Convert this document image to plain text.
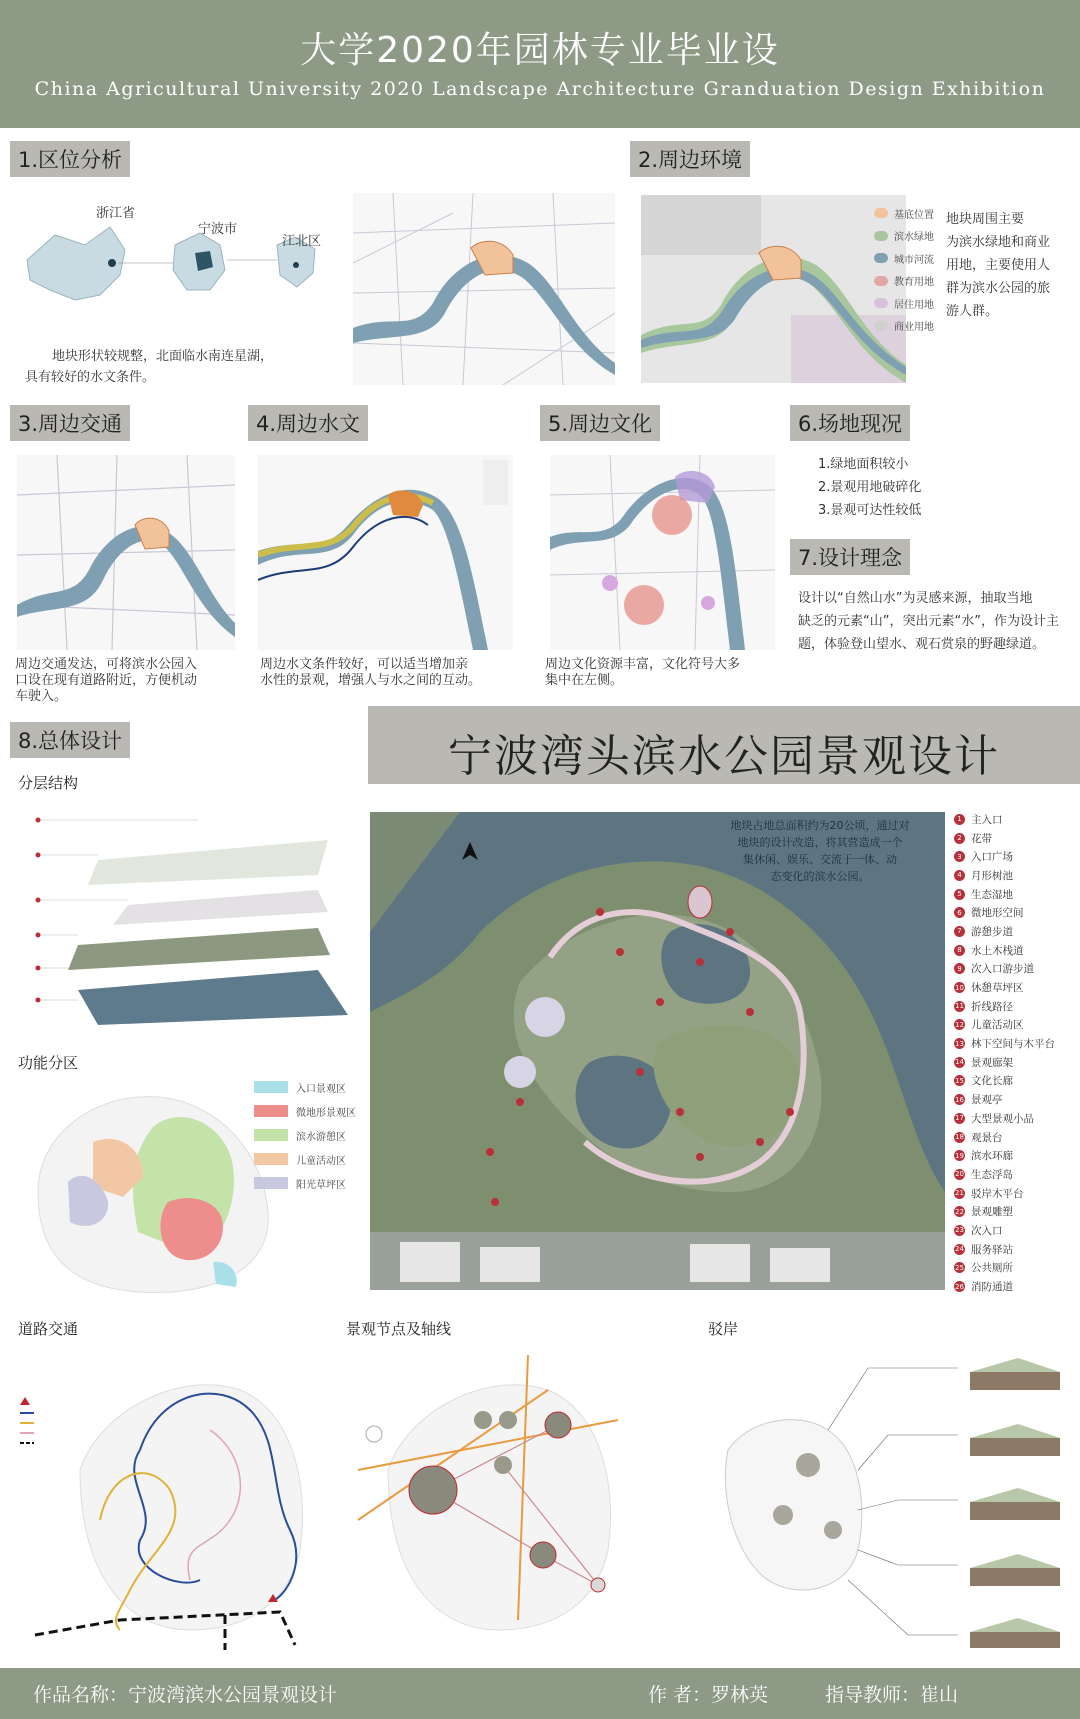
大学2020年园林专业毕业设
China Agricultural University 2020 Landscape Architecture Granduation Design Exhibition
1.区位分析
浙江省
宁波市
江北区
地块形状较规整，北面临水南连星湖，
具有较好的水文条件。
2.周边环境
基底位置
滨水绿地
城市河流
教育用地
居住用地
商业用地
地块周围主要
为滨水绿地和商业
用地，主要使用人
群为滨水公园的旅
游人群。
3.周边交通	4.周边水文	5.周边文化	6.场地现况
周边交通发达，可将滨水公园入
口设在现有道路附近，方便机动
车驶入。
周边水文条件较好，可以适当增加亲
水性的景观，增强人与水之间的互动。
周边文化资源丰富，文化符号大多
集中在左侧。
1.绿地面积较小
2.景观用地破碎化
3.景观可达性较低
7.设计理念
设计以“自然山水”为灵感来源，抽取当地
缺乏的元素“山”，突出元素“水”，作为设计主
题，体验登山望水、观石赏泉的野趣绿道。
8.总体设计	宁波湾头滨水公园景观设计
分层结构
功能分区
入口景观区
微地形景观区
滨水游憩区
儿童活动区
阳光草坪区
地块占地总面积约为20公顷，通过对
地块的设计改造，将其营造成一个
集休闲、娱乐、交流于一体、动
态变化的滨水公园。
1 主入口
2 花带
3 入口广场
4 月形树池
5 生态湿地
6 微地形空间
7 游憩步道
8 水上木栈道
9 次入口游步道
10 休憩草坪区
11 折线路径
12 儿童活动区
13 林下空间与木平台
14 景观廊架
15 文化长廊
16 景观亭
17 大型景观小品
18 观景台
19 滨水环廊
20 生态浮岛
21 驳岸木平台
22 景观雕塑
23 次入口
24 服务驿站
25 公共厕所
26 消防通道
道路交通	景观节点及轴线	驳岸
作品名称：宁波湾滨水公园景观设计	作 者：罗林英	指导教师：崔山
